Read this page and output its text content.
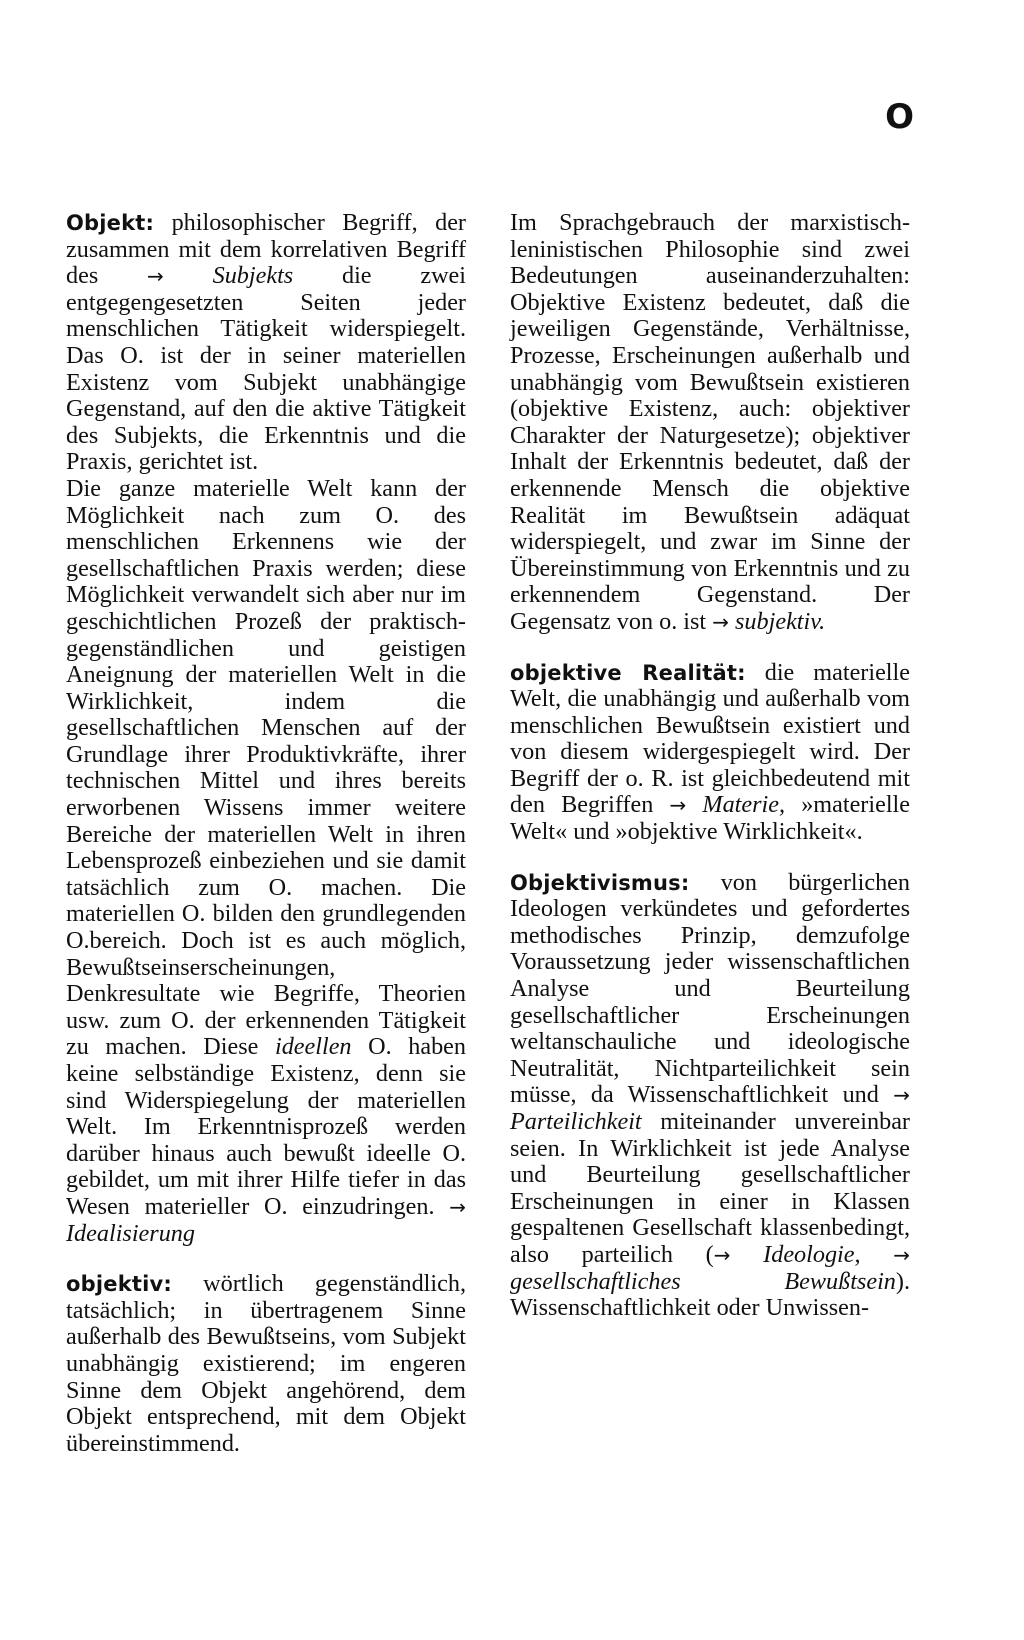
O

Objekt: philosophischer Begriff, der zusammen mit dem korrelativen Begriff des → Subjekts die zwei entgegengesetzten Seiten jeder menschlichen Tätigkeit widerspiegelt. Das O. ist der in seiner materiellen Existenz vom Subjekt unabhängige Gegenstand, auf den die aktive Tätigkeit des Subjekts, die Erkenntnis und die Praxis, gerichtet ist.

Die ganze materielle Welt kann der Möglichkeit nach zum O. des menschlichen Erkennens wie der gesellschaftlichen Praxis werden; diese Möglichkeit verwandelt sich aber nur im geschichtlichen Prozeß der praktisch-gegenständlichen und geistigen Aneignung der materiellen Welt in die Wirklichkeit, indem die gesellschaftlichen Menschen auf der Grundlage ihrer Produktivkräfte, ihrer technischen Mittel und ihres bereits erworbenen Wissens immer weitere Bereiche der materiellen Welt in ihren Lebensprozeß einbeziehen und sie damit tatsächlich zum O. machen. Die materiellen O. bilden den grundlegenden O.bereich. Doch ist es auch möglich, Bewußtseinserscheinungen, Denkresultate wie Begriffe, Theorien usw. zum O. der erkennenden Tätigkeit zu machen. Diese ideellen O. haben keine selbständige Existenz, denn sie sind Widerspiegelung der materiellen Welt. Im Erkenntnisprozeß werden darüber hinaus auch bewußt ideelle O. gebildet, um mit ihrer Hilfe tiefer in das Wesen materieller O. einzudringen. → Idealisierung

objektiv: wörtlich gegenständlich, tatsächlich; in übertragenem Sinne außerhalb des Bewußtseins, vom Subjekt unabhängig existierend; im engeren Sinne dem Objekt angehörend, dem Objekt entsprechend, mit dem Objekt übereinstimmend.

Im Sprachgebrauch der marxistisch-leninistischen Philosophie sind zwei Bedeutungen auseinanderzuhalten: Objektive Existenz bedeutet, daß die jeweiligen Gegenstände, Verhältnisse, Prozesse, Erscheinungen außerhalb und unabhängig vom Bewußtsein existieren (objektive Existenz, auch: objektiver Charakter der Naturgesetze); objektiver Inhalt der Erkenntnis bedeutet, daß der erkennende Mensch die objektive Realität im Bewußtsein adäquat widerspiegelt, und zwar im Sinne der Übereinstimmung von Erkenntnis und zu erkennendem Gegenstand. Der Gegensatz von o. ist → subjektiv.

objektive Realität: die materielle Welt, die unabhängig und außerhalb vom menschlichen Bewußtsein existiert und von diesem widergespiegelt wird. Der Begriff der o. R. ist gleichbedeutend mit den Begriffen → Materie, »materielle Welt« und »objektive Wirklichkeit«.

Objektivismus: von bürgerlichen Ideologen verkündetes und gefordertes methodisches Prinzip, demzufolge Voraussetzung jeder wissenschaftlichen Analyse und Beurteilung gesellschaftlicher Erscheinungen weltanschauliche und ideologische Neutralität, Nichtparteilichkeit sein müsse, da Wissenschaftlichkeit und → Parteilichkeit miteinander unvereinbar seien. In Wirklichkeit ist jede Analyse und Beurteilung gesellschaftlicher Erscheinungen in einer in Klassen gespaltenen Gesellschaft klassenbedingt, also parteilich (→ Ideologie, → gesellschaftliches Bewußtsein). Wissenschaftlichkeit oder Unwissen-
